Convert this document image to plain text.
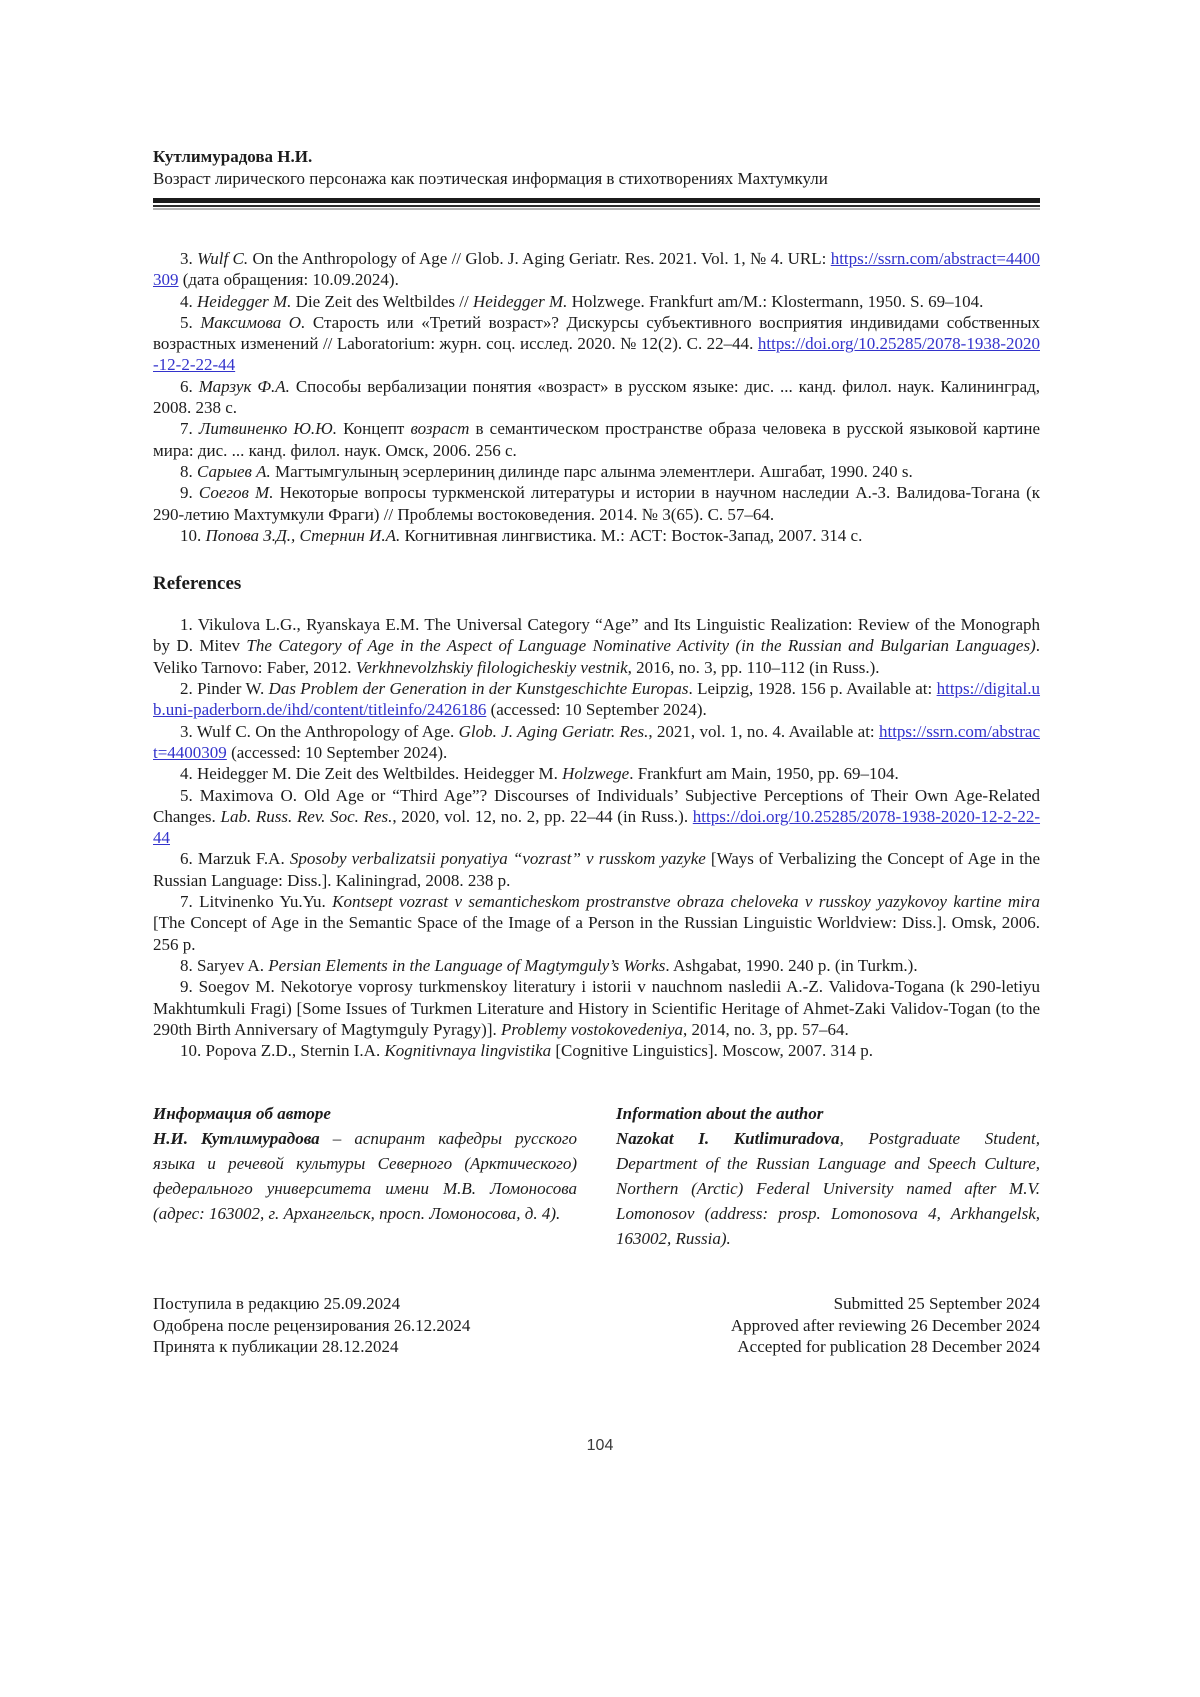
Кутлимурадова Н.И.
Возраст лирического персонажа как поэтическая информация в стихотворениях Махтумкули

3. Wulf C. On the Anthropology of Age // Glob. J. Aging Geriatr. Res. 2021. Vol. 1, № 4. URL: https://ssrn.com/abstract=4400309 (дата обращения: 10.09.2024).

4. Heidegger M. Die Zeit des Weltbildes // Heidegger M. Holzwege. Frankfurt am/M.: Klostermann, 1950. S. 69–104.

5. Максимова О. Старость или «Третий возраст»? Дискурсы субъективного восприятия индивидами собственных возрастных изменений // Laboratorium: журн. соц. исслед. 2020. № 12(2). С. 22–44. https://doi.org/10.25285/2078-1938-2020-12-2-22-44

6. Марзук Ф.А. Способы вербализации понятия «возраст» в русском языке: дис. ... канд. филол. наук. Калининград, 2008. 238 с.

7. Литвиненко Ю.Ю. Концепт возраст в семантическом пространстве образа человека в русской языковой картине мира: дис. ... канд. филол. наук. Омск, 2006. 256 с.

8. Сарыев А. Магтымгулының эсерлериниң дилинде парс алынма элементлери. Ашгабат, 1990. 240 s.

9. Соегов М. Некоторые вопросы туркменской литературы и истории в научном наследии А.-З. Валидова-Тогана (к 290-летию Махтумкули Фраги) // Проблемы востоковедения. 2014. № 3(65). С. 57–64.

10. Попова З.Д., Стернин И.А. Когнитивная лингвистика. М.: АСТ: Восток-Запад, 2007. 314 с.

References

1. Vikulova L.G., Ryanskaya E.M. The Universal Category “Age” and Its Linguistic Realization: Review of the Monograph by D. Mitev The Category of Age in the Aspect of Language Nominative Activity (in the Russian and Bulgarian Languages). Veliko Tarnovo: Faber, 2012. Verkhnevolzhskiy filologicheskiy vestnik, 2016, no. 3, pp. 110–112 (in Russ.).

2. Pinder W. Das Problem der Generation in der Kunstgeschichte Europas. Leipzig, 1928. 156 p. Available at: https://digital.ub.uni-paderborn.de/ihd/content/titleinfo/2426186 (accessed: 10 September 2024).

3. Wulf C. On the Anthropology of Age. Glob. J. Aging Geriatr. Res., 2021, vol. 1, no. 4. Available at: https://ssrn.com/abstract=4400309 (accessed: 10 September 2024).

4. Heidegger M. Die Zeit des Weltbildes. Heidegger M. Holzwege. Frankfurt am Main, 1950, pp. 69–104.

5. Maximova O. Old Age or “Third Age”? Discourses of Individuals’ Subjective Perceptions of Their Own Age-Related Changes. Lab. Russ. Rev. Soc. Res., 2020, vol. 12, no. 2, pp. 22–44 (in Russ.). https://doi.org/10.25285/2078-1938-2020-12-2-22-44

6. Marzuk F.A. Sposoby verbalizatsii ponyatiya “vozrast” v russkom yazyke [Ways of Verbalizing the Concept of Age in the Russian Language: Diss.]. Kaliningrad, 2008. 238 p.

7. Litvinenko Yu.Yu. Kontsept vozrast v semanticheskom prostranstve obraza cheloveka v russkoy yazykovoy kartine mira [The Concept of Age in the Semantic Space of the Image of a Person in the Russian Linguistic Worldview: Diss.]. Omsk, 2006. 256 p.

8. Saryev A. Persian Elements in the Language of Magtymguly’s Works. Ashgabat, 1990. 240 p. (in Turkm.).

9. Soegov M. Nekotorye voprosy turkmenskoy literatury i istorii v nauchnom nasledii A.-Z. Validova-Togana (k 290-letiyu Makhtumkuli Fragi) [Some Issues of Turkmen Literature and History in Scientific Heritage of Ahmet-Zaki Validov-Togan (to the 290th Birth Anniversary of Magtymguly Pyragy)]. Problemy vostokovedeniya, 2014, no. 3, pp. 57–64.

10. Popova Z.D., Sternin I.A. Kognitivnaya lingvistika [Cognitive Linguistics]. Moscow, 2007. 314 p.

Информация об авторе
Н.И. Кутлимурадова – аспирант кафедры русского языка и речевой культуры Северного (Арктического) федерального университета имени М.В. Ломоносова (адрес: 163002, г. Архангельск, просп. Ломоносова, д. 4).
Information about the author
Nazokat I. Kutlimuradova, Postgraduate Student, Department of the Russian Language and Speech Culture, Northern (Arctic) Federal University named after M.V. Lomonosov (address: prosp. Lomonosova 4, Arkhangelsk, 163002, Russia).
Поступила в редакцию 25.09.2024
Одобрена после рецензирования 26.12.2024
Принята к публикации 28.12.2024
Submitted 25 September 2024
Approved after reviewing 26 December 2024
Accepted for publication 28 December 2024
104
